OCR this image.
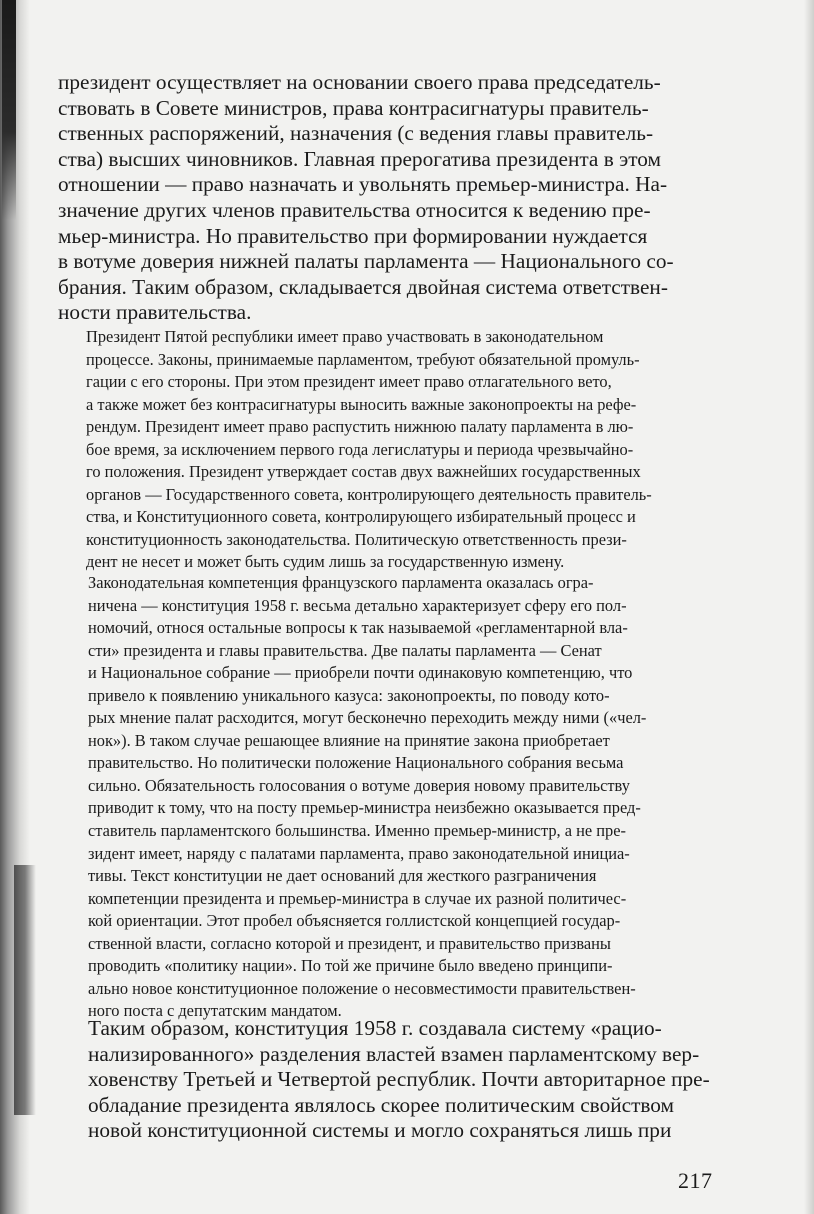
президент осуществляет на основании своего права председатель-
ствовать в Совете министров, права контрасигнатуры правитель-
ственных распоряжений, назначения (с ведения главы правитель-
ства) высших чиновников. Главная прерогатива президента в этом
отношении — право назначать и увольнять премьер-министра. На-
значение других членов правительства относится к ведению пре-
мьер-министра. Но правительство при формировании нуждается
в вотуме доверия нижней палаты парламента — Национального со-
брания. Таким образом, складывается двойная система ответствен-
ности правительства.

Президент Пятой республики имеет право участвовать в законодательном
процессе. Законы, принимаемые парламентом, требуют обязательной промуль-
гации с его стороны. При этом президент имеет право отлагательного вето,
а также может без контрасигнатуры выносить важные законопроекты на рефе-
рендум. Президент имеет право распустить нижнюю палату парламента в лю-
бое время, за исключением первого года легислатуры и периода чрезвычайно-
го положения. Президент утверждает состав двух важнейших государственных
органов — Государственного совета, контролирующего деятельность правитель-
ства, и Конституционного совета, контролирующего избирательный процесс и
конституционность законодательства. Политическую ответственность прези-
дент не несет и может быть судим лишь за государственную измену.

Законодательная компетенция французского парламента оказалась огра-
ничена — конституция 1958 г. весьма детально характеризует сферу его пол-
номочий, относя остальные вопросы к так называемой «регламентарной вла-
сти» президента и главы правительства. Две палаты парламента — Сенат
и Национальное собрание — приобрели почти одинаковую компетенцию, что
привело к появлению уникального казуса: законопроекты, по поводу кото-
рых мнение палат расходится, могут бесконечно переходить между ними («чел-
нок»). В таком случае решающее влияние на принятие закона приобретает
правительство. Но политически положение Национального собрания весьма
сильно. Обязательность голосования о вотуме доверия новому правительству
приводит к тому, что на посту премьер-министра неизбежно оказывается пред-
ставитель парламентского большинства. Именно премьер-министр, а не пре-
зидент имеет, наряду с палатами парламента, право законодательной инициа-
тивы. Текст конституции не дает оснований для жесткого разграничения
компетенции президента и премьер-министра в случае их разной политичес-
кой ориентации. Этот пробел объясняется голлистской концепцией государ-
ственной власти, согласно которой и президент, и правительство призваны
проводить «политику нации». По той же причине было введено принципи-
ально новое конституционное положение о несовместимости правительствен-
ного поста с депутатским мандатом.

Таким образом, конституция 1958 г. создавала систему «рацио-
нализированного» разделения властей взамен парламентскому вер-
ховенству Третьей и Четвертой республик. Почти авторитарное пре-
обладание президента являлось скорее политическим свойством
новой конституционной системы и могло сохраняться лишь при

217
